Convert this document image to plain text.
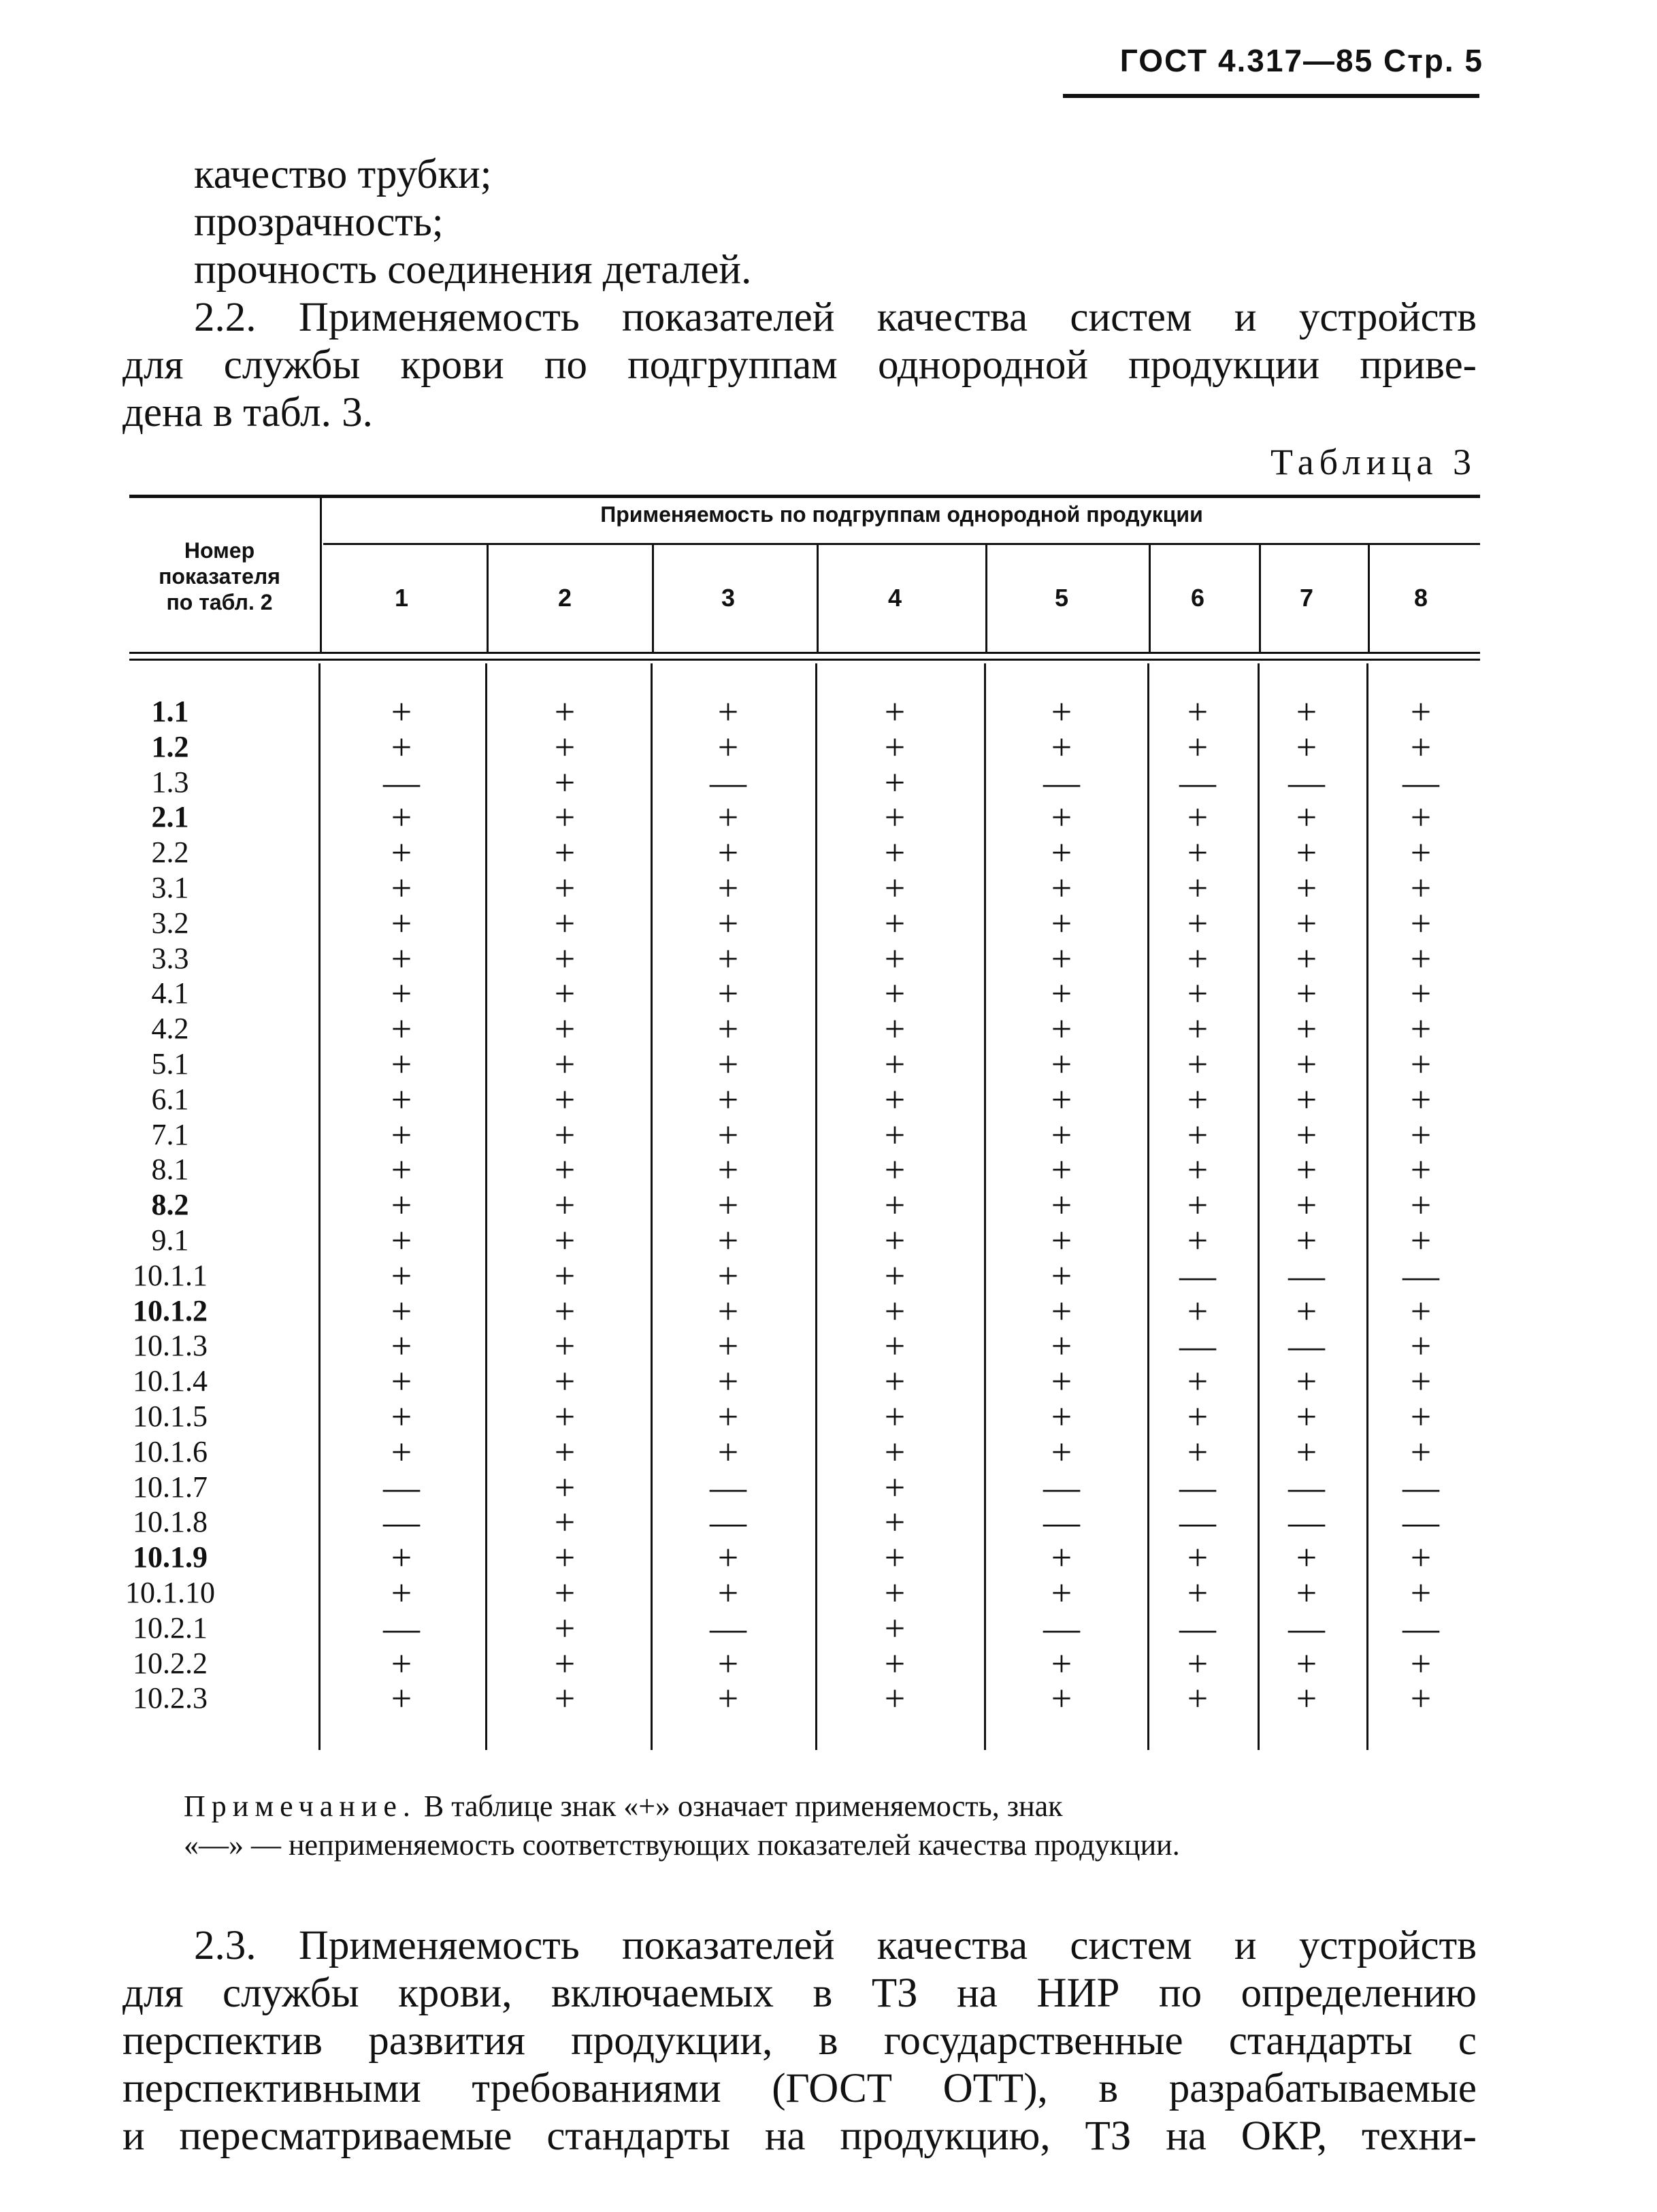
ГОСТ 4.317—85 Стр. 5
качество трубки;
прозрачность;
прочность соединения деталей.
2.2. Применяемость показателей качества систем и устройств
для службы крови по подгруппам однородной продукции приве-
дена в табл. 3.
Таблица 3
Номер
показателя
по табл. 2
Применяемость по подгруппам однородной продукции
1	2	3	4	5	6	7	8
1.1	+	+	+	+	+	+	+	+
1.2	+	+	+	+	+	+	+	+
1.3	—	+	—	+	—	—	—	—
2.1	+	+	+	+	+	+	+	+
2.2	+	+	+	+	+	+	+	+
3.1	+	+	+	+	+	+	+	+
3.2	+	+	+	+	+	+	+	+
3.3	+	+	+	+	+	+	+	+
4.1	+	+	+	+	+	+	+	+
4.2	+	+	+	+	+	+	+	+
5.1	+	+	+	+	+	+	+	+
6.1	+	+	+	+	+	+	+	+
7.1	+	+	+	+	+	+	+	+
8.1	+	+	+	+	+	+	+	+
8.2	+	+	+	+	+	+	+	+
9.1	+	+	+	+	+	+	+	+
10.1.1	+	+	+	+	+	—	—	—
10.1.2	+	+	+	+	+	+	+	+
10.1.3	+	+	+	+	+	—	—	+
10.1.4	+	+	+	+	+	+	+	+
10.1.5	+	+	+	+	+	+	+	+
10.1.6	+	+	+	+	+	+	+	+
10.1.7	—	+	—	+	—	—	—	—
10.1.8	—	+	—	+	—	—	—	—
10.1.9	+	+	+	+	+	+	+	+
10.1.10	+	+	+	+	+	+	+	+
10.2.1	—	+	—	+	—	—	—	—
10.2.2	+	+	+	+	+	+	+	+
10.2.3	+	+	+	+	+	+	+	+
Примечание. В таблице знак «+» означает применяемость, знак
«—» — неприменяемость соответствующих показателей качества продукции.
2.3. Применяемость показателей качества систем и устройств
для службы крови, включаемых в ТЗ на НИР по определению
перспектив развития продукции, в государственные стандарты с
перспективными требованиями (ГОСТ ОТТ), в разрабатываемые
и пересматриваемые стандарты на продукцию, ТЗ на ОКР, техни-
